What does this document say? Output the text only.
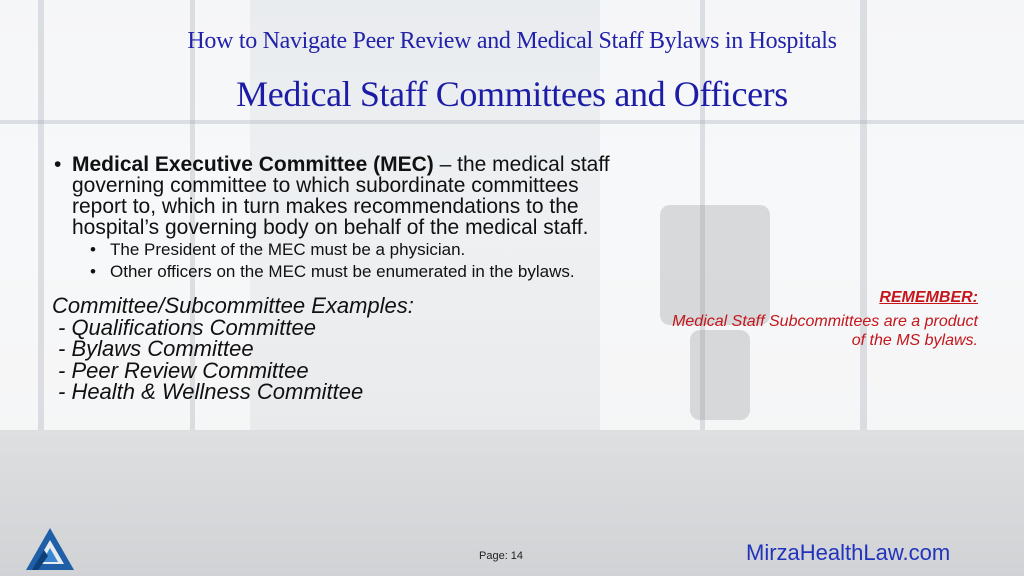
How to Navigate Peer Review and Medical Staff Bylaws in Hospitals
Medical Staff Committees and Officers
• Medical Executive Committee (MEC) – the medical staff governing committee to which subordinate committees report to, which in turn makes recommendations to the hospital’s governing body on behalf of the medical staff.
• The President of the MEC must be a physician.
• Other officers on the MEC must be enumerated in the bylaws.
Committee/Subcommittee Examples:
- Qualifications Committee
- Bylaws Committee
- Peer Review Committee
- Health & Wellness Committee
REMEMBER:
Medical Staff Subcommittees are a product of the MS bylaws.
Page: 14	MirzaHealthLaw.com
